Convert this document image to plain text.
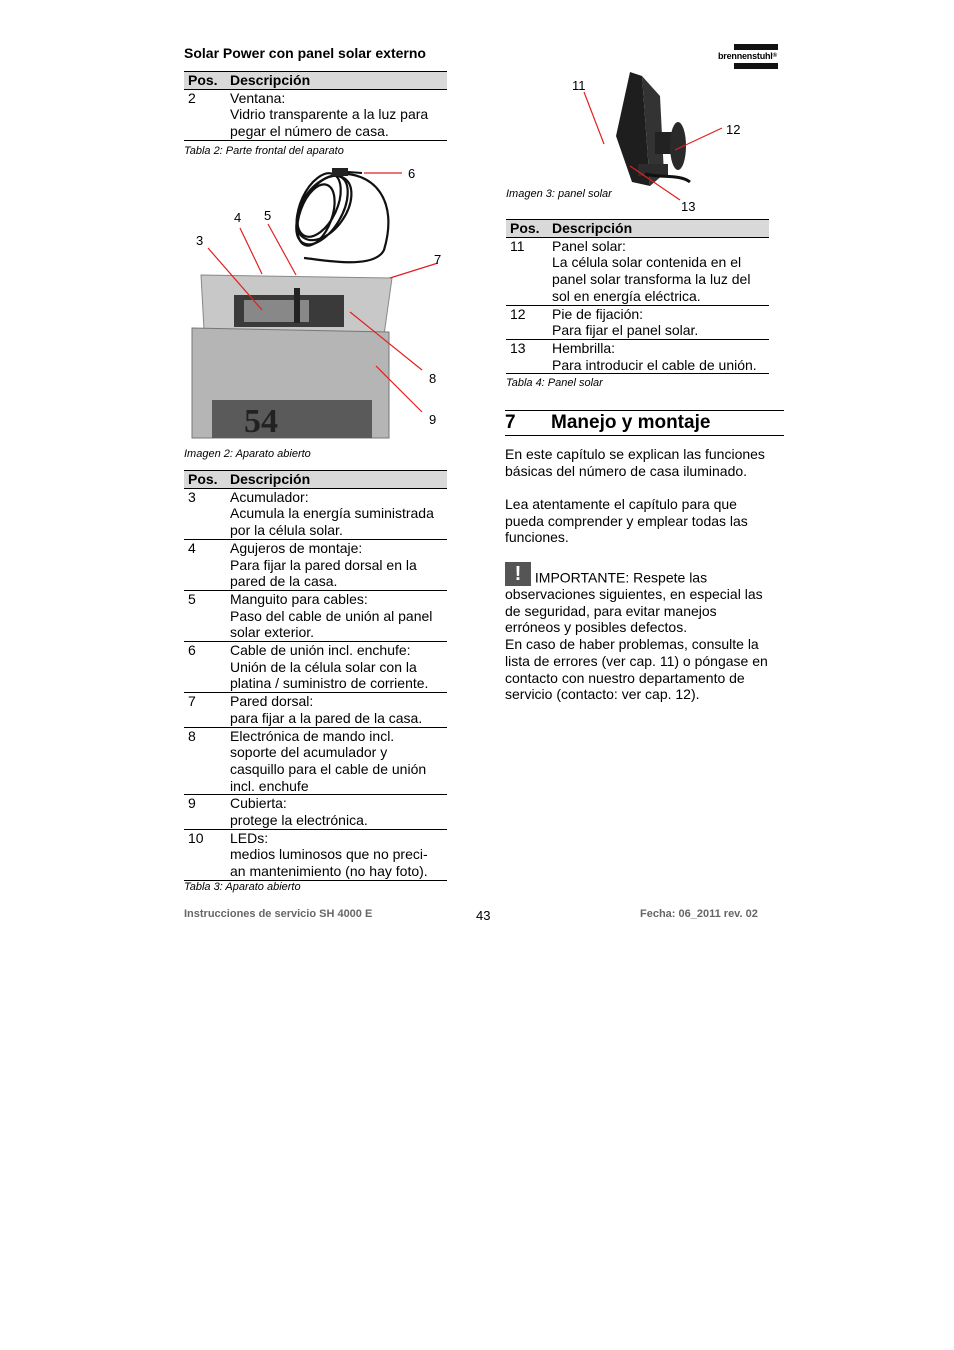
Solar Power con panel solar externo	brennenstuhl®
Pos.	Descripción
2	Ventana:
Vidrio transparente a la luz para
pegar el número de casa.
Tabla 2: Parte frontal del aparato
54
3
4 5
6
7
8
9
Imagen 2: Aparato abierto
Pos.	Descripción
3	Acumulador:
Acumula la energía suministrada
por la célula solar.

4	Agujeros de montaje:
Para fijar la pared dorsal en la
pared de la casa.

5	Manguito para cables:
Paso del cable de unión al panel
solar exterior.

6	Cable de unión incl. enchufe:
Unión de la célula solar con la
platina / suministro de corriente.

7	Pared dorsal:
para fijar a la pared de la casa.

8	Electrónica de mando incl.
soporte del acumulador y
casquillo para el cable de unión
incl. enchufe

9	Cubierta:
protege la electrónica.

10	LEDs:
medios luminosos que no preci-
an mantenimiento (no hay foto).
Tabla 3: Aparato abierto
11
12
13
Imagen 3: panel solar
Pos.	Descripción
11	Panel solar:
La célula solar contenida en el
panel solar transforma la luz del
sol en energía eléctrica.

12	Pie de fijación:
Para fijar el panel solar.

13	Hembrilla:
Para introducir el cable de unión.
Tabla 4: Panel solar
7 Manejo y montaje
En este capítulo se explican las funciones
básicas del número de casa iluminado.
Lea atentamente el capítulo para que
pueda comprender y emplear todas las
funciones.
! IMPORTANTE: Respete las
observaciones siguientes, en especial las
de seguridad, para evitar manejos
erróneos y posibles defectos.
En caso de haber problemas, consulte la
lista de errores (ver cap. 11) o póngase en
contacto con nuestro departamento de
servicio (contacto: ver cap. 12).
Instrucciones de servicio SH 4000 E	43	Fecha: 06_2011 rev. 02
